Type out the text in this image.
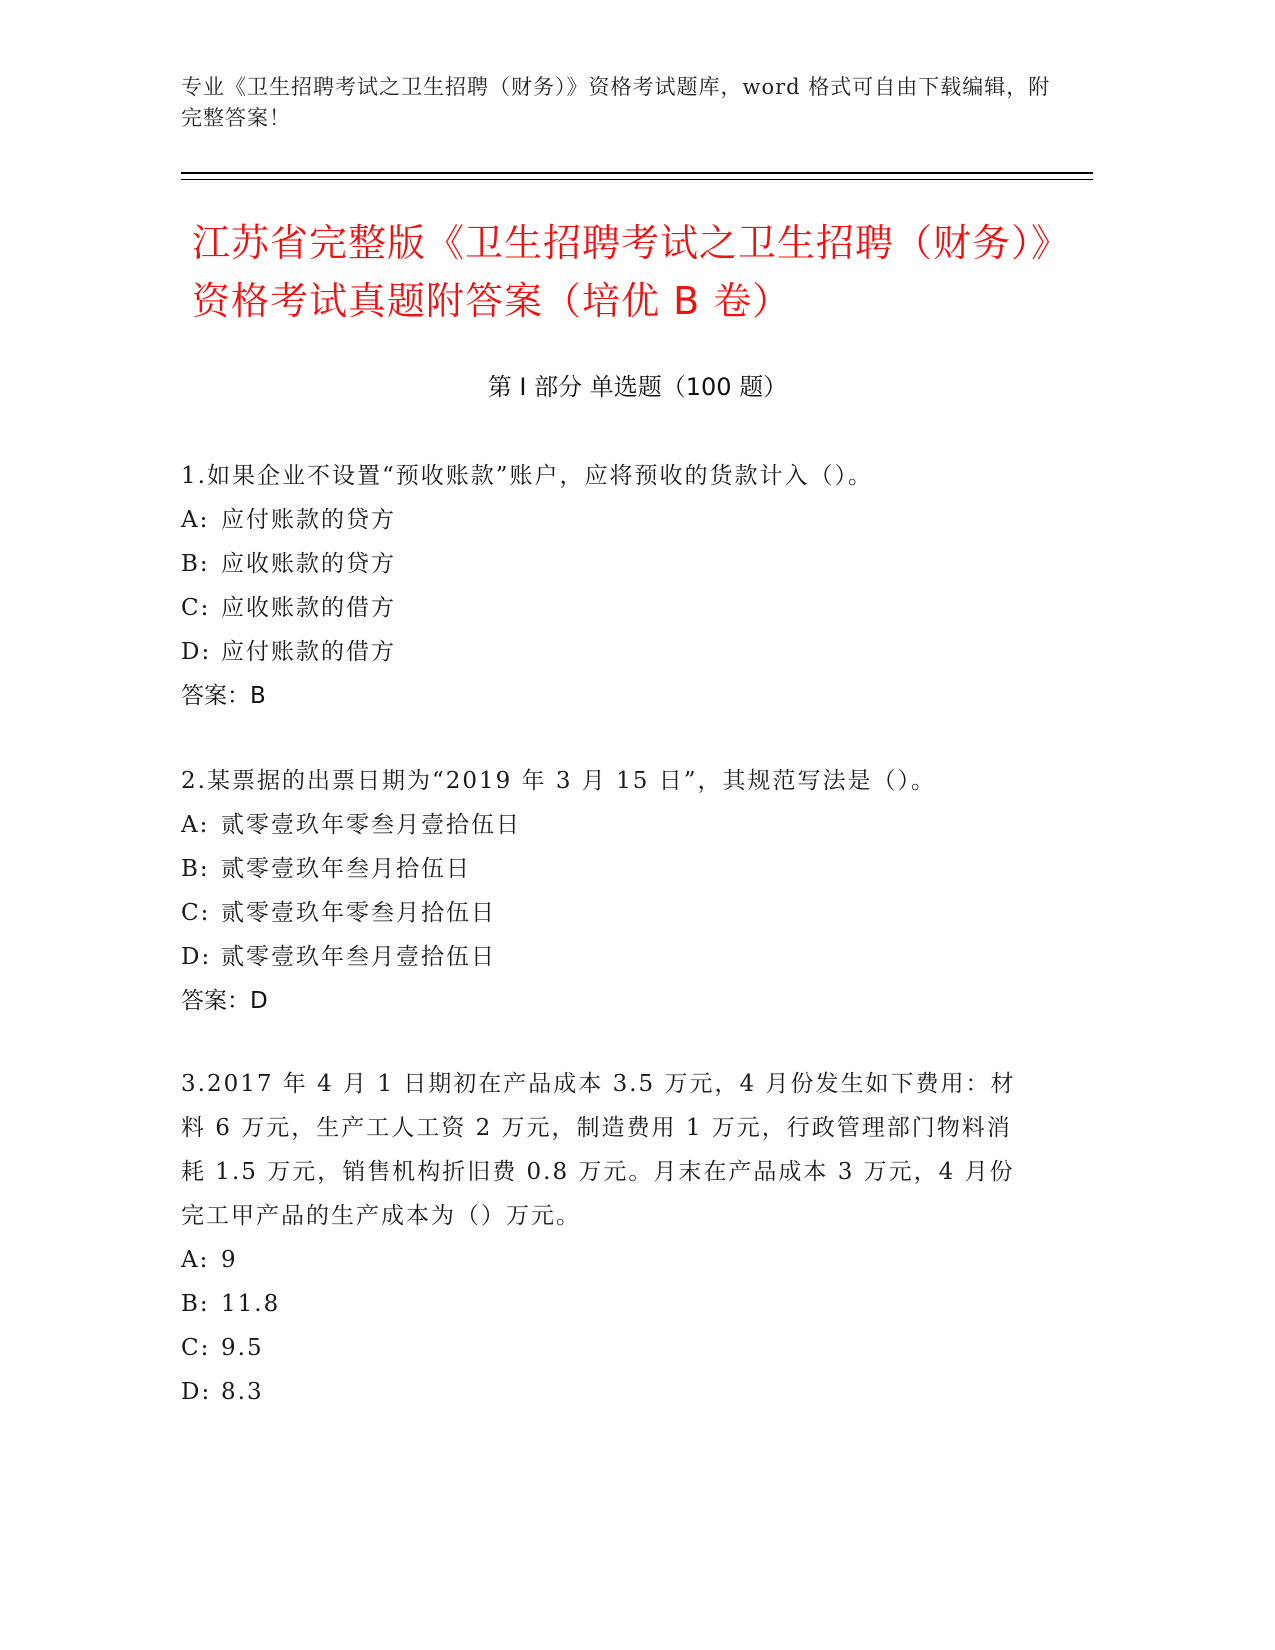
专业《卫生招聘考试之卫生招聘（财务）》资格考试题库，word 格式可自由下载编辑，附完整答案！
江苏省完整版《卫生招聘考试之卫生招聘（财务）》资格考试真题附答案（培优 B 卷）
第 I 部分 单选题（100 题）

1.如果企业不设置“预收账款”账户，应将预收的货款计入（）。

A: 应付账款的贷方

B: 应收账款的贷方

C: 应收账款的借方

D: 应付账款的借方

答案：B

2.某票据的出票日期为“2019 年 3 月 15 日”，其规范写法是（）。

A: 贰零壹玖年零叁月壹拾伍日

B: 贰零壹玖年叁月拾伍日

C: 贰零壹玖年零叁月拾伍日

D: 贰零壹玖年叁月壹拾伍日

答案：D

3.2017 年 4 月 1 日期初在产品成本 3.5 万元，4 月份发生如下费用：材料 6 万元，生产工人工资 2 万元，制造费用 1 万元，行政管理部门物料消耗 1.5 万元，销售机构折旧费 0.8 万元。月末在产品成本 3 万元，4 月份完工甲产品的生产成本为（）万元。

A: 9

B: 11.8

C: 9.5

D: 8.3
